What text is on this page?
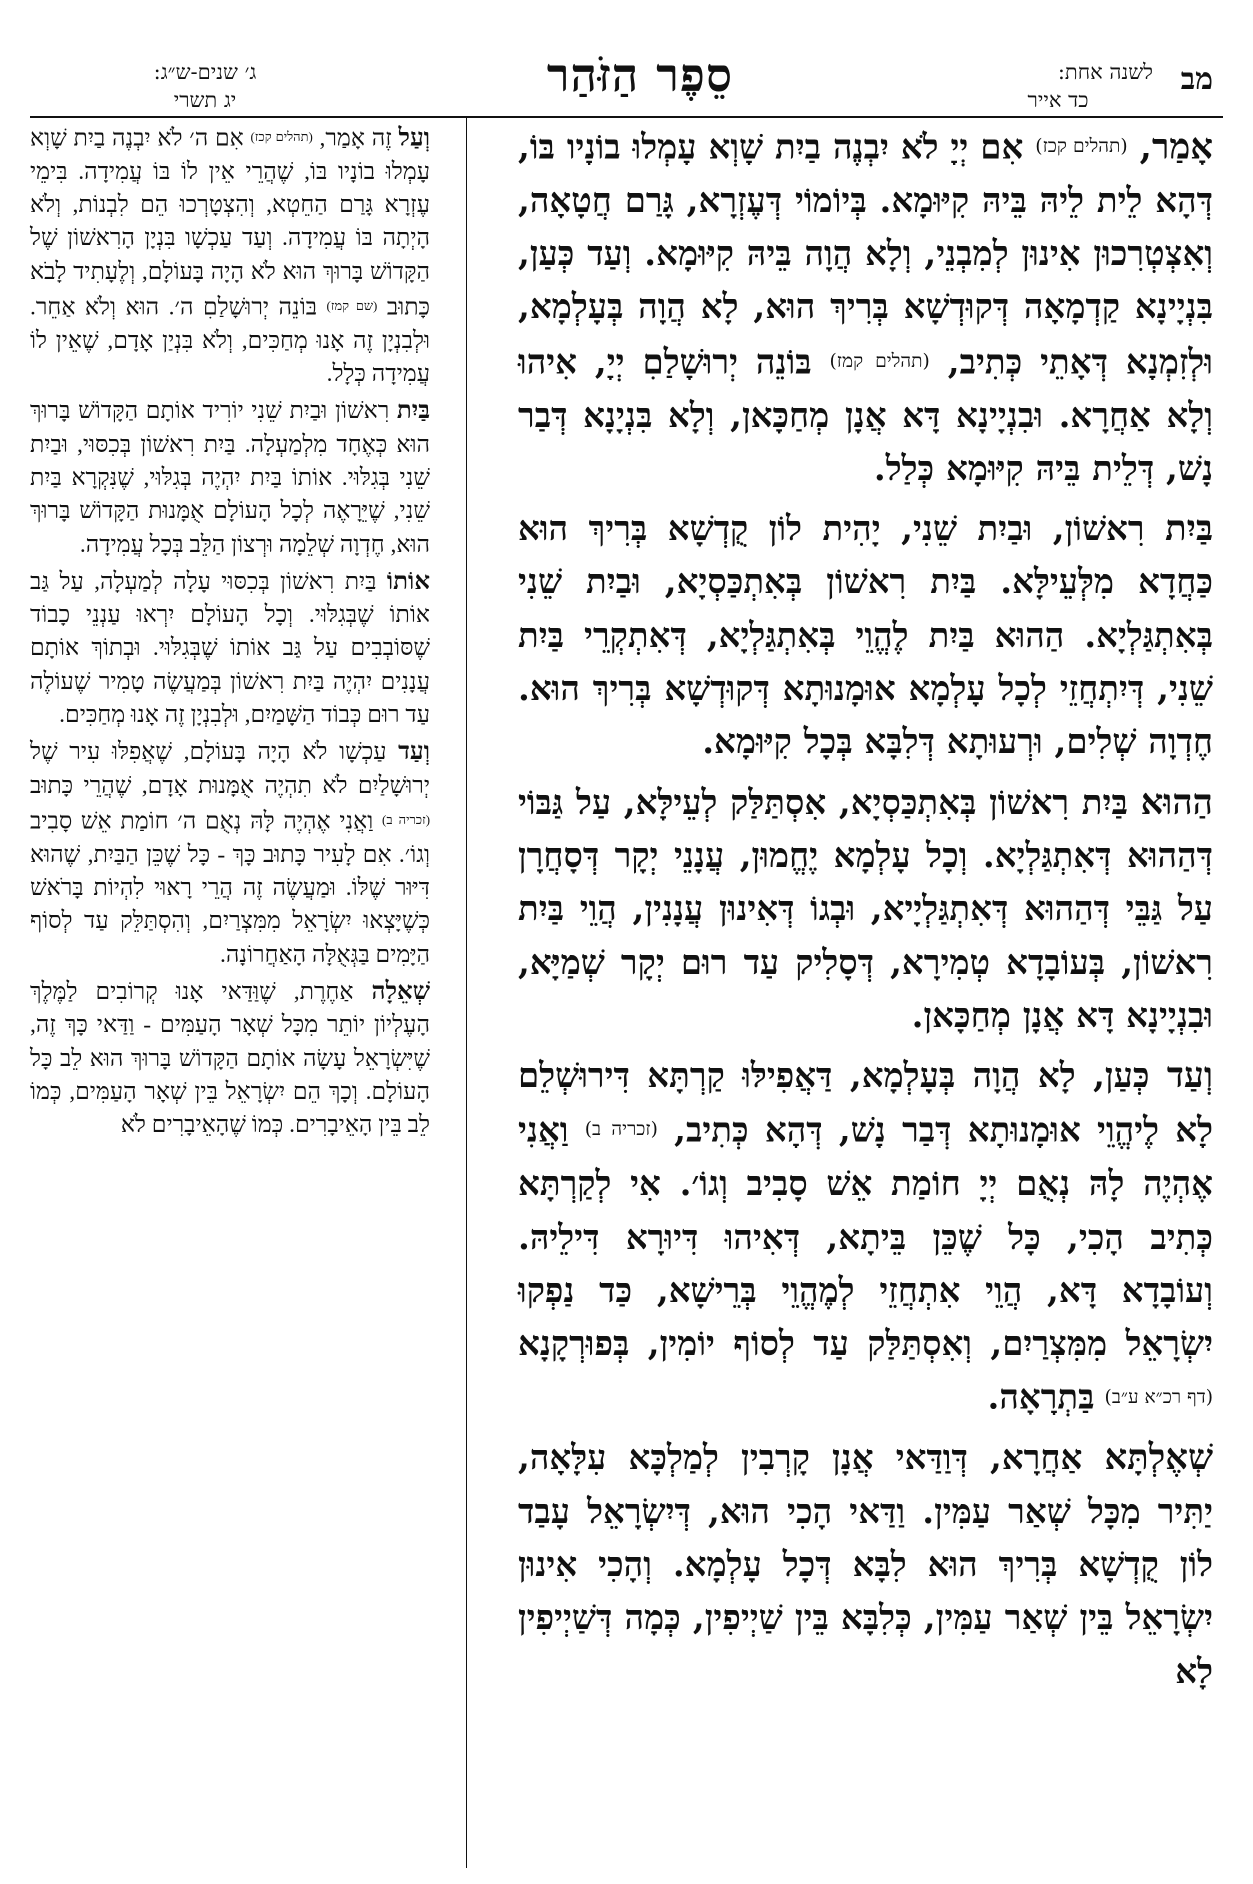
מב
לשנה אחת:
כד אייר
סֵפֶר הַזֹּהַר
ג׳ שנים-ש״ג:
יג תשרי

אָמַר, (תהלים קכז) אִם יְיָ לֹא יִבְנֶה בַיִת שָׁוְא עָמְלוּ בוֹנָיו בּוֹ, דְּהָא לֵית לֵיהּ בֵּיהּ קִיּוּמָא. בְּיוֹמוֹי דְּעֶזְרָא, גָּרַם חֲטָאָה, וְאִצְטְרִכוּן אִינוּן לְמִבְנֵי, וְלָא הֲוָה בֵּיהּ קִיּוּמָא. וְעַד כְּעַן, בִּנְיָינָא קַדְמָאָה דְּקוּדְשָׁא בְּרִיךְ הוּא, לָא הֲוָה בְּעָלְמָא, וּלְזִמְנָא דְּאָתֵי כְּתִיב, (תהלים קמז) בּוֹנֵה יְרוּשָׁלַםִ יְיָ, אִיהוּ וְלָא אַחֲרָא. וּבִנְיָינָא דָּא אֲנָן מְחַכָּאן, וְלָא בִּנְיָנָא דְּבַר נָשׁ, דְּלֵית בֵּיהּ קִיּוּמָא כְּלַל.

בַּיִת רִאשׁוֹן, וּבַיִת שֵׁנִי, יָהִית לוֹן קֻדְשָׁא בְּרִיךְ הוּא כַּחֲדָא מִלְּעֵילָּא. בַּיִת רִאשׁוֹן בְּאִתְכַּסְיָא, וּבַיִת שֵׁנִי בְּאִתְגַּלְיָא. הַהוּא בַּיִת לֶהֱוֵי בְּאִתְגַּלְיָא, דְּאִתְקְרֵי בַּיִת שֵׁנִי, דְּיִתְחֲזֵי לְכָל עָלְמָא אוּמָנוּתָא דְּקוּדְשָׁא בְּרִיךְ הוּא. חֶדְוָה שְׁלִים, וּרְעוּתָא דְּלִבָּא בְּכָל קִיּוּמָא.

הַהוּא בַּיִת רִאשׁוֹן בְּאִתְכַּסְיָא, אִסְתַּלַּק לְעֵילָּא, עַל גַּבּוֹי דְּהַהוּא דְּאִתְגַּלְיָא. וְכָל עָלְמָא יֶחֱמוּן, עֲנָנֵי יְקָר דְּסָחֲרָן עַל גַּבֵּי דְּהַהוּא דְּאִתְגַּלְיָיא, וּבְגוֹ דְּאִינוּן עֲנָנִין, הֲוֵי בַּיִת רִאשׁוֹן, בְּעוֹבָדָא טְמִירָא, דְּסָלִיק עַד רוּם יְקָר שְׁמַיָּא, וּבִנְיָינָא דָּא אֲנָן מְחַכָּאן.

וְעַד כְּעַן, לָא הֲוָה בְּעָלְמָא, דַּאֲפִילּוּ קַרְתָּא דִּירוּשְׁלֵם לָא לֶיהֱוֵי אוּמָנוּתָא דְּבַר נָשׁ, דְּהָא כְּתִיב, (זכריה ב) וַאֲנִי אֶהְיֶה לָהּ נְאֻם יְיָ חוֹמַת אֵשׁ סָבִיב וְגוֹ׳. אִי לְקַרְתָּא כְּתִיב הָכִי, כָּל שֶׁכֵּן בֵּיתָא, דְּאִיהוּ דִּיוּרָא דִּילֵיהּ. וְעוֹבָדָא דָּא, הֲוֵי אִתְחֲזֵי לְמֶהֱוֵי בְּרֵישָׁא, כַּד נַפְקוּ יִשְׂרָאֵל מִמִּצְרַיִם, וְאִסְתַּלַּק עַד לְסוֹף יוֹמִין, בְּפוּרְקָנָא (דף רכ״א ע״ב)בַּתְרָאָה.

שְׁאֶלְתָּא אַחֲרָא, דְּוַדַּאי אֲנָן קָרְבִין לְמַלְכָּא עִלָּאָה, יַתִּיר מִכָּל שְׁאַר עַמִּין. וַדַּאי הָכִי הוּא, דְּיִשְׂרָאֵל עָבַד לוֹן קֻדְשָׁא בְּרִיךְ הוּא לִבָּא דְּכָל עָלְמָא. וְהָכִי אִינוּן יִשְׂרָאֵל בֵּין שְׁאַר עַמִּין, כְּלִבָּא בֵּין שַׁיְיפִין, כְּמָה דְּשַׁיְיפִין לָא

וְעַל זֶה אָמַר, (תהלים קכז) אִם ה׳ לֹא יִבְנֶה בַיִת שָׁוְא עָמְלוּ בוֹנָיו בּוֹ, שֶׁהֲרֵי אֵין לוֹ בּוֹ עֲמִידָה. בִּימֵי עֶזְרָא גָּרַם הַחֵטְא, וְהִצְטָרְכוּ הֵם לִבְנוֹת, וְלֹא הָיְתָה בּוֹ עֲמִידָה. וְעַד עַכְשָׁו בִּנְיָן הָרִאשׁוֹן שֶׁל הַקָּדוֹשׁ בָּרוּךְ הוּא לֹא הָיָה בָּעוֹלָם, וְלֶעָתִיד לָבֹא כָּתוּב (שם קמז) בּוֹנֵה יְרוּשָׁלַםִ ה׳. הוּא וְלֹא אַחֵר. וּלְבִנְיָן זֶה אָנוּ מְחַכִּים, וְלֹא בִּנְיַן אָדָם, שֶׁאֵין לוֹ עֲמִידָה כְּלָל.

בַּיִת רִאשׁוֹן וּבַיִת שֵׁנִי יוֹרִיד אוֹתָם הַקָּדוֹשׁ בָּרוּךְ הוּא כְּאֶחָד מִלְמַעְלָה. בַּיִת רִאשׁוֹן בְּכִסּוּי, וּבַיִת שֵׁנִי בְּגִלּוּי. אוֹתוֹ בַּיִת יִהְיֶה בְּגִלּוּי, שֶׁנִּקְרָא בַּיִת שֵׁנִי, שֶׁיֵּרָאֶה לְכָל הָעוֹלָם אֻמָּנוּת הַקָּדוֹשׁ בָּרוּךְ הוּא, חֶדְוָה שְׁלֵמָה וּרְצוֹן הַלֵּב בְּכָל עֲמִידָה.

אוֹתוֹ בַּיִת רִאשׁוֹן בְּכִסּוּי עָלָה לְמַעְלָה, עַל גַּב אוֹתוֹ שֶׁבְּגִלּוּי. וְכָל הָעוֹלָם יִרְאוּ עַנְנֵי כָבוֹד שֶׁסּוֹבְבִים עַל גַּב אוֹתוֹ שֶׁבְּגִלּוּי. וּבְתוֹךְ אוֹתָם עֲנָנִים יִהְיֶה בַּיִת רִאשׁוֹן בְּמַעֲשֶׂה טָמִיר שֶׁעוֹלֶה עַד רוּם כְּבוֹד הַשָּׁמַיִם, וּלְבִנְיָן זֶה אָנוּ מְחַכִּים.

וְעַד עַכְשָׁו לֹא הָיָה בָּעוֹלָם, שֶׁאֲפִלּוּ עִיר שֶׁל יְרוּשָׁלַיִם לֹא תִהְיֶה אֻמָּנוּת אָדָם, שֶׁהֲרֵי כָּתוּב (זכריה ב) וַאֲנִי אֶהְיֶה לָּהּ נְאֻם ה׳ חוֹמַת אֵשׁ סָבִיב וְגוֹ׳. אִם לָעִיר כָּתוּב כָּךְ - כָּל שֶׁכֵּן הַבַּיִת, שֶׁהוּא דִּיּוּר שֶׁלּוֹ. וּמַעֲשֶׂה זֶה הֲרֵי רָאוּי לִהְיוֹת בָּרֹאשׁ כְּשֶׁיָּצְאוּ יִשְׂרָאֵל מִמִּצְרַיִם, וְהִסְתַּלֵּק עַד לְסוֹף הַיָּמִים בַּגְּאֻלָּה הָאַחֲרוֹנָה.

שְׁאֵלָה אַחֶרֶת, שֶׁוַּדַּאי אָנוּ קְרוֹבִים לַמֶּלֶךְ הָעֶלְיוֹן יוֹתֵר מִכָּל שְׁאָר הָעַמִּים - וַדַּאי כָּךְ זֶה, שֶׁיִּשְׂרָאֵל עָשָׂה אוֹתָם הַקָּדוֹשׁ בָּרוּךְ הוּא לֵב כָּל הָעוֹלָם. וְכָךְ הֵם יִשְׂרָאֵל בֵּין שְׁאָר הָעַמִּים, כְּמוֹ לֵב בֵּין הָאֵיבָרִים. כְּמוֹ שֶׁהָאֵיבָרִים לֹא
